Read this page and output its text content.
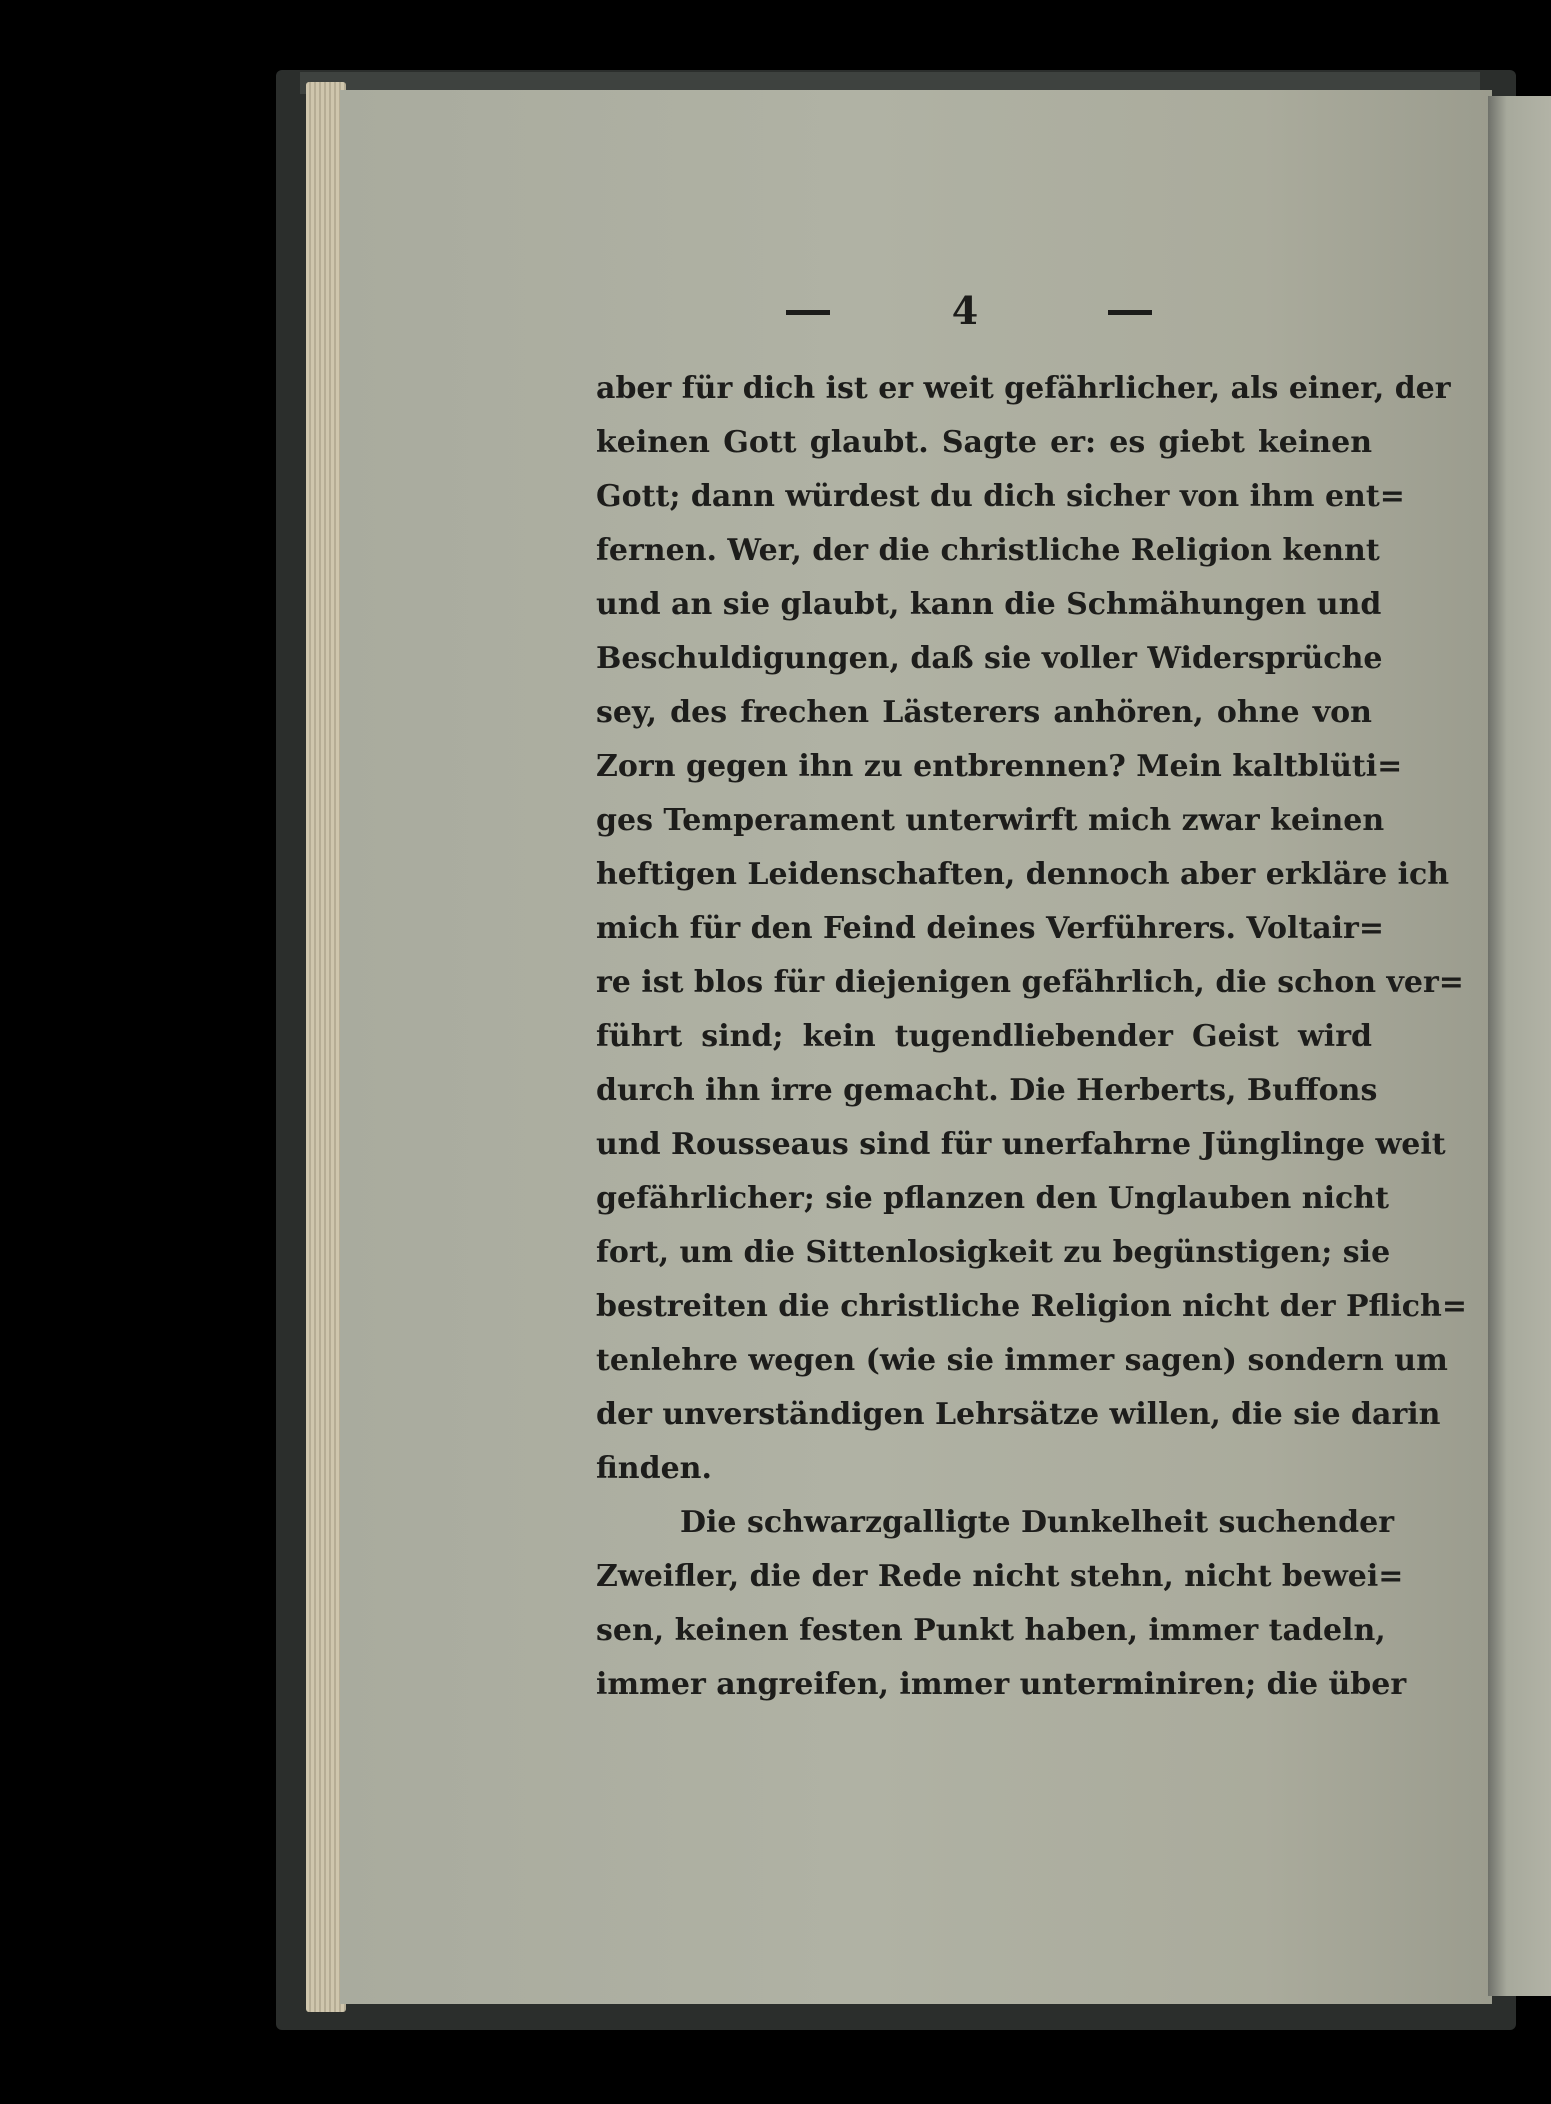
4
aber für dich ist er weit gefährlicher, als einer, der
keinen Gott glaubt. Sagte er: es giebt keinen
Gott; dann würdest du dich sicher von ihm ent=
fernen. Wer, der die christliche Religion kennt
und an sie glaubt, kann die Schmähungen und
Beschuldigungen, daß sie voller Widersprüche
sey, des frechen Lästerers anhören, ohne von
Zorn gegen ihn zu entbrennen? Mein kaltblüti=
ges Temperament unterwirft mich zwar keinen
heftigen Leidenschaften, dennoch aber erkläre ich
mich für den Feind deines Verführers. Voltair=
re ist blos für diejenigen gefährlich, die schon ver=
führt sind; kein tugendliebender Geist wird
durch ihn irre gemacht. Die Herberts, Buffons
und Rousseaus sind für unerfahrne Jünglinge weit
gefährlicher; sie pflanzen den Unglauben nicht
fort, um die Sittenlosigkeit zu begünstigen; sie
bestreiten die christliche Religion nicht der Pflich=
tenlehre wegen (wie sie immer sagen) sondern um
der unverständigen Lehrsätze willen, die sie darin
finden.
Die schwarzgalligte Dunkelheit suchender
Zweifler, die der Rede nicht stehn, nicht bewei=
sen, keinen festen Punkt haben, immer tadeln,
immer angreifen, immer unterminiren; die über
